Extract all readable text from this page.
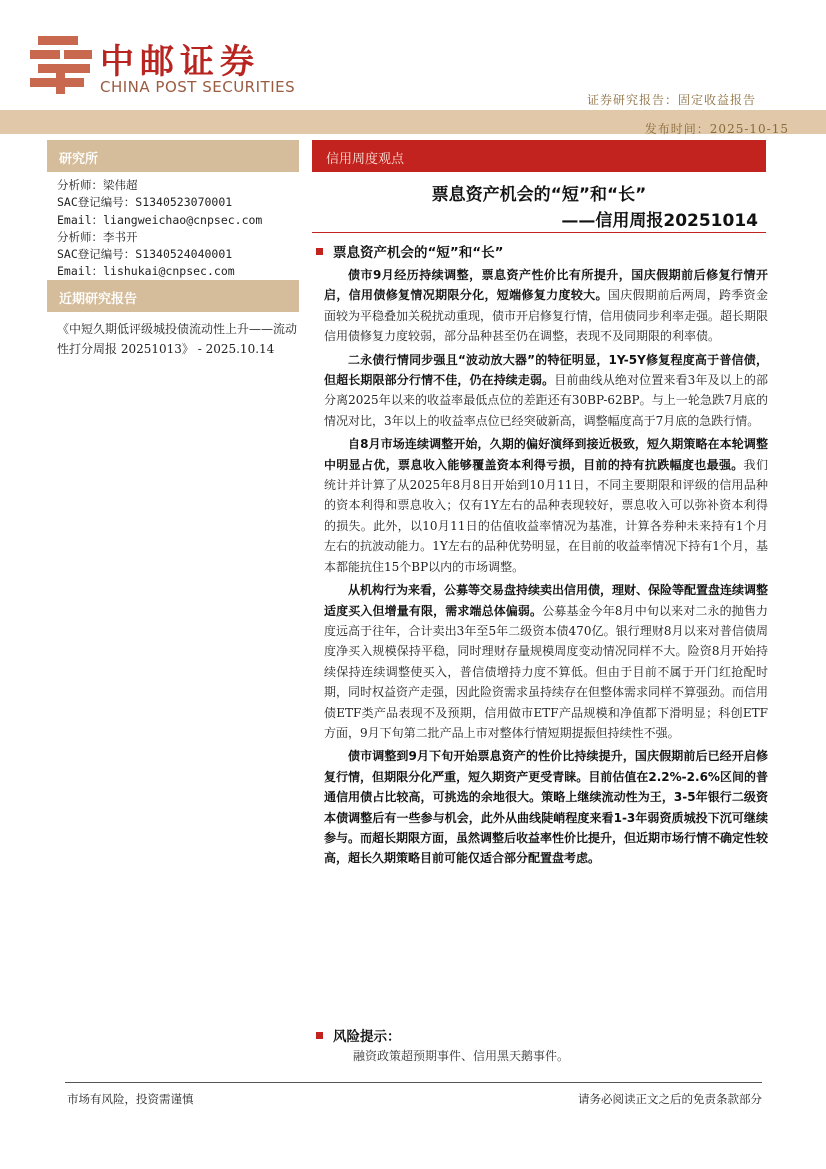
中邮证券
CHINA POST SECURITIES
证券研究报告：固定收益报告
发布时间：2025-10-15
研究所
分析师：梁伟超
SAC登记编号：S1340523070001
Email：liangweichao@cnpsec.com
分析师：李书开
SAC登记编号：S1340524040001
Email：lishukai@cnpsec.com
近期研究报告
《中短久期低评级城投债流动性上升——流动性打分周报 20251013》 - 2025.10.14
信用周度观点
票息资产机会的“短”和“长”
——信用周报20251014
票息资产机会的“短”和“长”

债市9月经历持续调整，票息资产性价比有所提升，国庆假期前后修复行情开启，信用债修复情况期限分化，短端修复力度较大。国庆假期前后两周，跨季资金面较为平稳叠加关税扰动重现，债市开启修复行情，信用债同步利率走强。超长期限信用债修复力度较弱，部分品种甚至仍在调整，表现不及同期限的利率债。

二永债行情同步强且“波动放大器”的特征明显，1Y-5Y修复程度高于普信债，但超长期限部分行情不佳，仍在持续走弱。目前曲线从绝对位置来看3年及以上的部分离2025年以来的收益率最低点位的差距还有30BP-62BP。与上一轮急跌7月底的情况对比，3年以上的收益率点位已经突破新高，调整幅度高于7月底的急跌行情。

自8月市场连续调整开始，久期的偏好演绎到接近极致，短久期策略在本轮调整中明显占优，票息收入能够覆盖资本利得亏损，目前的持有抗跌幅度也最强。我们统计并计算了从2025年8月8日开始到10月11日，不同主要期限和评级的信用品种的资本利得和票息收入；仅有1Y左右的品种表现较好，票息收入可以弥补资本利得的损失。此外，以10月11日的估值收益率情况为基准，计算各券种未来持有1个月左右的抗波动能力。1Y左右的品种优势明显，在目前的收益率情况下持有1个月，基本都能抗住15个BP以内的市场调整。

从机构行为来看，公募等交易盘持续卖出信用债，理财、保险等配置盘连续调整适度买入但增量有限，需求端总体偏弱。公募基金今年8月中旬以来对二永的抛售力度远高于往年，合计卖出3年至5年二级资本债470亿。银行理财8月以来对普信债周度净买入规模保持平稳，同时理财存量规模周度变动情况同样不大。险资8月开始持续保持连续调整使买入，普信债增持力度不算低。但由于目前不属于开门红抢配时期，同时权益资产走强，因此险资需求虽持续存在但整体需求同样不算强劲。而信用债ETF类产品表现不及预期，信用做市ETF产品规模和净值都下滑明显；科创ETF方面，9月下旬第二批产品上市对整体行情短期提振但持续性不强。

债市调整到9月下旬开始票息资产的性价比持续提升，国庆假期前后已经开启修复行情，但期限分化严重，短久期资产更受青睐。目前估值在2.2%-2.6%区间的普通信用债占比较高，可挑选的余地很大。策略上继续流动性为王，3-5年银行二级资本债调整后有一些参与机会，此外从曲线陡峭程度来看1-3年弱资质城投下沉可继续参与。而超长期限方面，虽然调整后收益率性价比提升，但近期市场行情不确定性较高，超长久期策略目前可能仅适合部分配置盘考虑。

风险提示：
融资政策超预期事件、信用黑天鹅事件。
市场有风险，投资需谨慎	请务必阅读正文之后的免责条款部分
